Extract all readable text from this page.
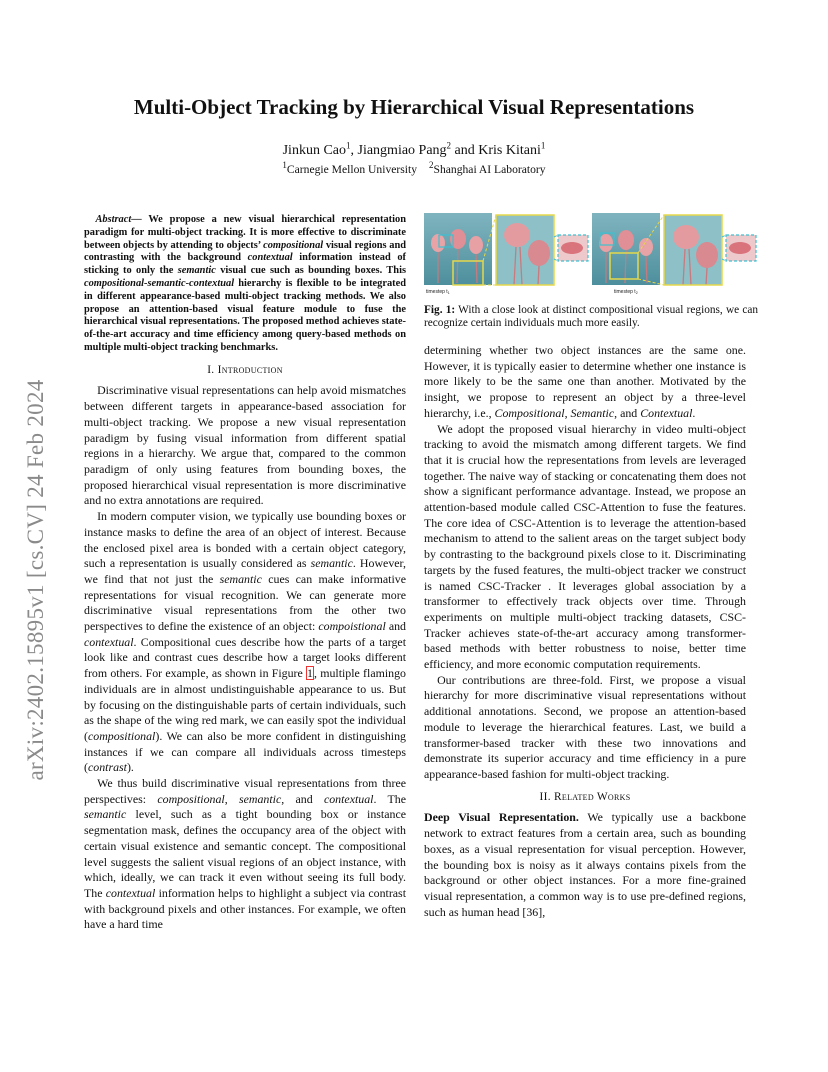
arXiv:2402.15895v1 [cs.CV] 24 Feb 2024
Multi-Object Tracking by Hierarchical Visual Representations
Jinkun Cao$^1$, Jiangmiao Pang$^2$ and Kris Kitani$^1$
$^1$Carnegie Mellon University $^2$Shanghai AI Laboratory

Abstract— We propose a new visual hierarchical representation paradigm for multi-object tracking. It is more effective to discriminate between objects by attending to objects’ compositional visual regions and contrasting with the background contextual information instead of sticking to only the semantic visual cue such as bounding boxes. This compositional-semantic-contextual hierarchy is flexible to be integrated in different appearance-based multi-object tracking methods. We also propose an attention-based visual feature module to fuse the hierarchical visual representations. The proposed method achieves state-of-the-art accuracy and time efficiency among query-based methods on multiple multi-object tracking benchmarks.

I. Introduction

Discriminative visual representations can help avoid mismatches between different targets in appearance-based association for multi-object tracking. We propose a new visual representation paradigm by fusing visual information from different spatial regions in a hierarchy. We argue that, compared to the common paradigm of only using features from bounding boxes, the proposed hierarchical visual representation is more discriminative and no extra annotations are required.

In modern computer vision, we typically use bounding boxes or instance masks to define the area of an object of interest. Because the enclosed pixel area is bonded with a certain object category, such a representation is usually considered as semantic. However, we find that not just the semantic cues can make informative representations for visual recognition. We can generate more discriminative visual representations from the other two perspectives to define the existence of an object: compoistional and contextual. Compositional cues describe how the parts of a target look like and contrast cues describe how a target looks different from others. For example, as shown in Figure 1, multiple flamingo individuals are in almost undistinguishable appearance to us. But by focusing on the distinguishable parts of certain individuals, such as the shape of the wing red mark, we can easily spot the individual (compositional). We can also be more confident in distinguishing instances if we can compare all individuals across timesteps (contrast).

We thus build discriminative visual representations from three perspectives: compositional, semantic, and contextual. The semantic level, such as a tight bounding box or instance segmentation mask, defines the occupancy area of the object with certain visual existence and semantic concept. The compositional level suggests the salient visual regions of an object instance, with which, ideally, we can track it even without seeing its full body. The contextual information helps to highlight a subject via contrast with background pixels and other instances. For example, we often have a hard time

timestep $t_1$	timestep $t_2$
Fig. 1: With a close look at distinct compositional visual regions, we can recognize certain individuals much more easily.

determining whether two object instances are the same one. However, it is typically easier to determine whether one instance is more likely to be the same one than another. Motivated by the insight, we propose to represent an object by a three-level hierarchy, i.e., Compositional, Semantic, and Contextual.

We adopt the proposed visual hierarchy in video multi-object tracking to avoid the mismatch among different targets. We find that it is crucial how the representations from levels are leveraged together. The naive way of stacking or concatenating them does not show a significant performance advantage. Instead, we propose an attention-based module called CSC-Attention to fuse the features. The core idea of CSC-Attention is to leverage the attention-based mechanism to attend to the salient areas on the target subject body by contrasting to the background pixels close to it. Discriminating targets by the fused features, the multi-object tracker we construct is named CSC-Tracker . It leverages global association by a transformer to effectively track objects over time. Through experiments on multiple multi-object tracking datasets, CSC-Tracker achieves state-of-the-art accuracy among transformer-based methods with better robustness to noise, better time efficiency, and more economic computation requirements.

Our contributions are three-fold. First, we propose a visual hierarchy for more discriminative visual representations without additional annotations. Second, we propose an attention-based module to leverage the hierarchical features. Last, we build a transformer-based tracker with these two innovations and demonstrate its superior accuracy and time efficiency in a pure appearance-based fashion for multi-object tracking.

II. Related Works

Deep Visual Representation. We typically use a backbone network to extract features from a certain area, such as bounding boxes, as a visual representation for visual perception. However, the bounding box is noisy as it always contains pixels from the background or other object instances. For a more fine-grained visual representation, a common way is to use pre-defined regions, such as human head [36],
